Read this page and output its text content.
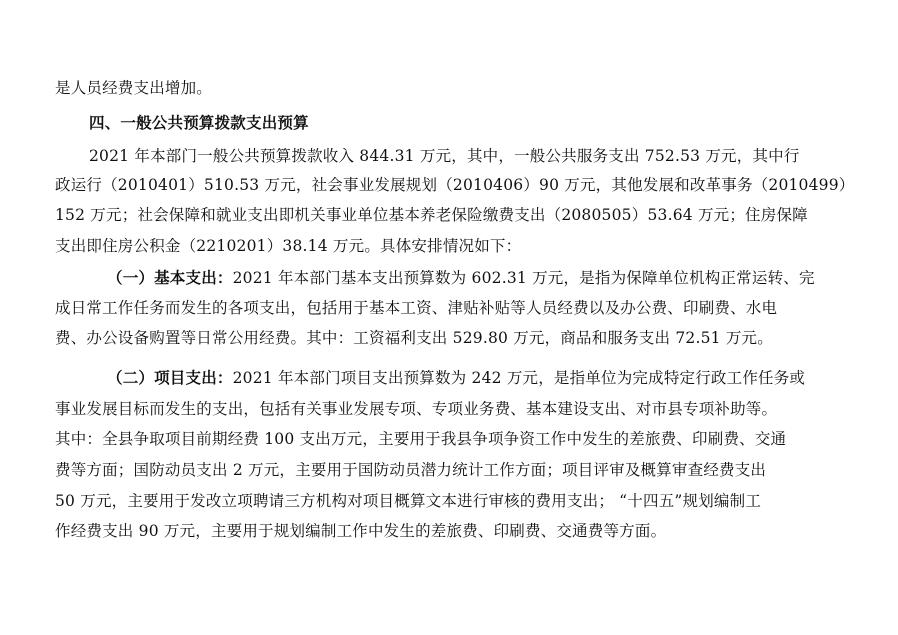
是人员经费支出增加。
四、一般公共预算拨款支出预算
2021 年本部门一般公共预算拨款收入 844.31 万元，其中，一般公共服务支出 752.53 万元，其中行
政运行（2010401）510.53 万元，社会事业发展规划（2010406）90 万元，其他发展和改革事务（2010499）
152 万元；社会保障和就业支出即机关事业单位基本养老保险缴费支出（2080505）53.64 万元；住房保障
支出即住房公积金（2210201）38.14 万元。具体安排情况如下：
（一）基本支出：2021 年本部门基本支出预算数为 602.31 万元，是指为保障单位机构正常运转、完
成日常工作任务而发生的各项支出，包括用于基本工资、津贴补贴等人员经费以及办公费、印刷费、水电
费、办公设备购置等日常公用经费。其中：工资福利支出 529.80 万元，商品和服务支出 72.51 万元。
（二）项目支出：2021 年本部门项目支出预算数为 242 万元，是指单位为完成特定行政工作任务或
事业发展目标而发生的支出，包括有关事业发展专项、专项业务费、基本建设支出、对市县专项补助等。
其中：全县争取项目前期经费 100 支出万元，主要用于我县争项争资工作中发生的差旅费、印刷费、交通
费等方面；国防动员支出 2 万元，主要用于国防动员潜力统计工作方面；项目评审及概算审查经费支出
50 万元，主要用于发改立项聘请三方机构对项目概算文本进行审核的费用支出； “十四五”规划编制工
作经费支出 90 万元，主要用于规划编制工作中发生的差旅费、印刷费、交通费等方面。
